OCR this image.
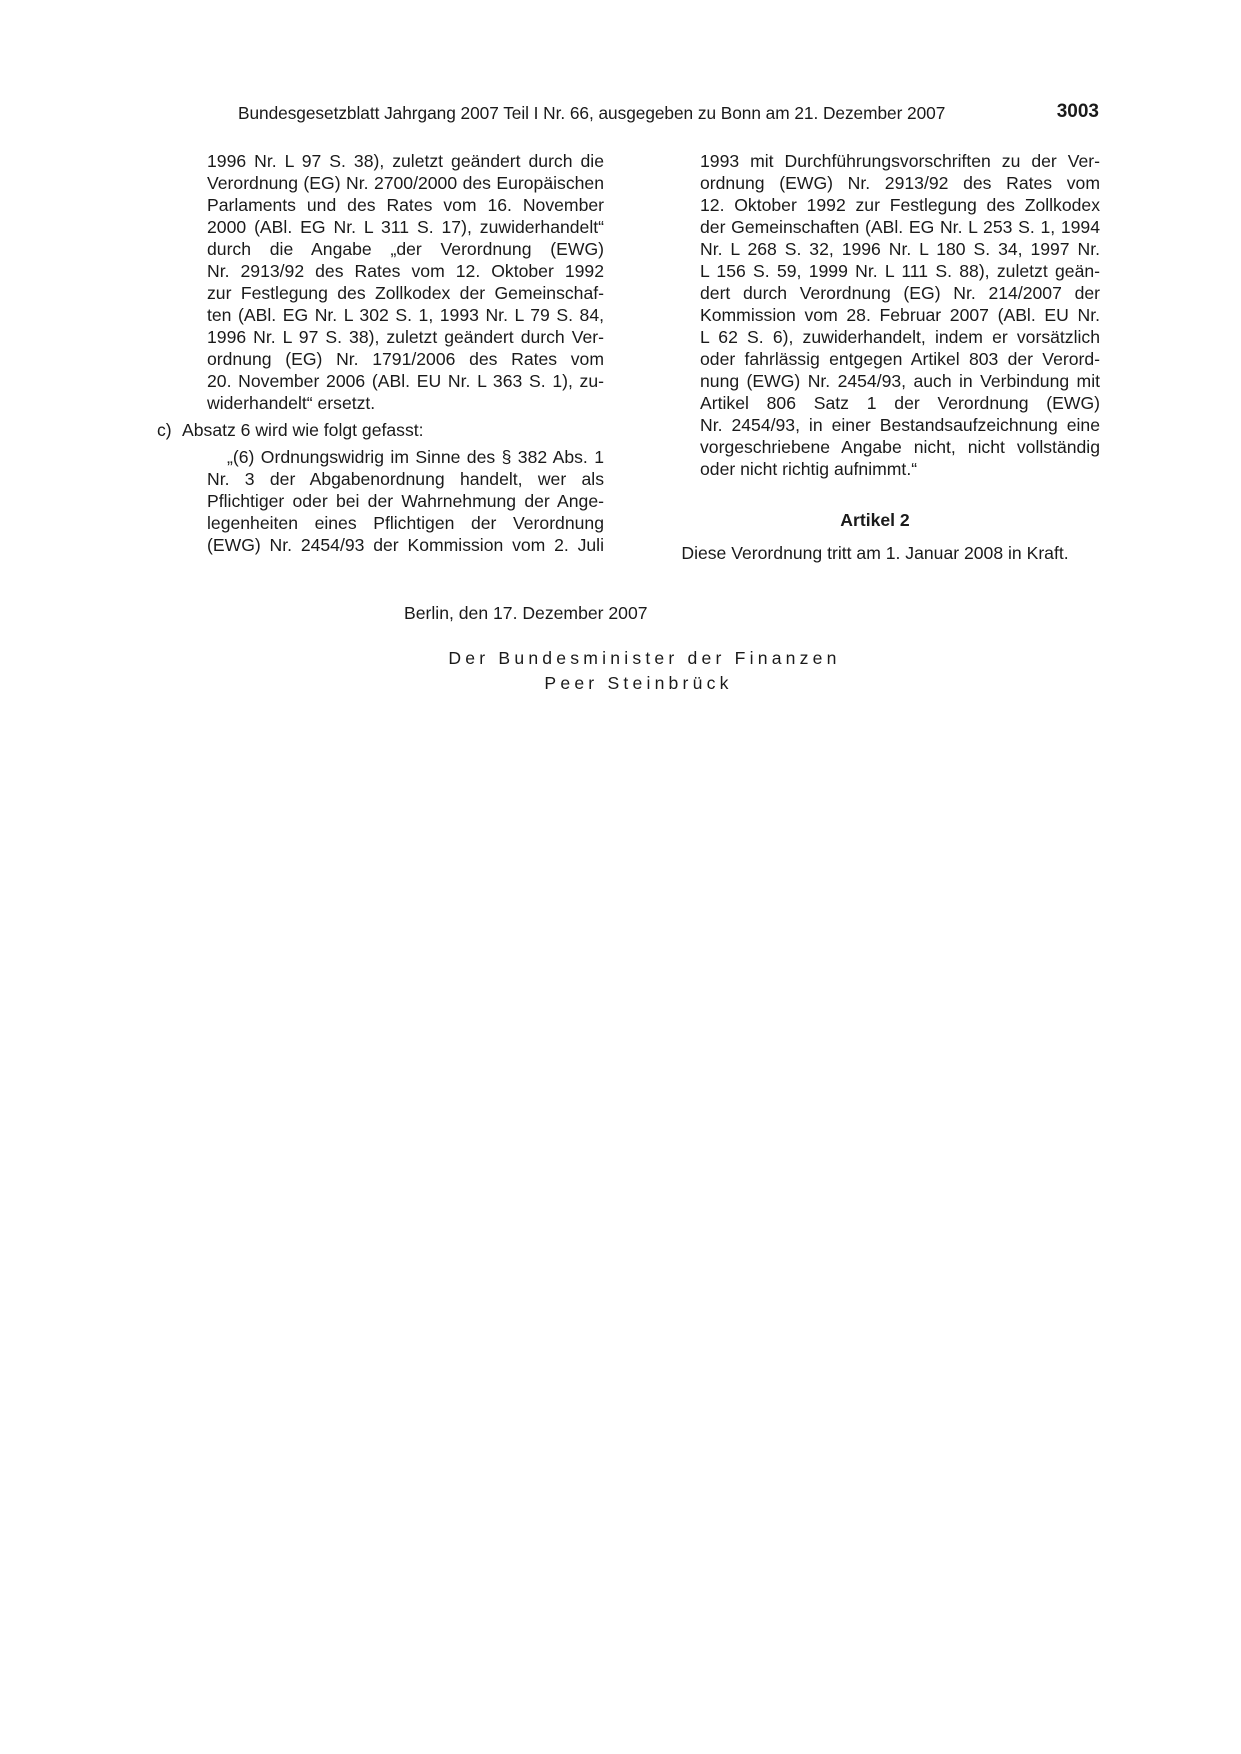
Bundesgesetzblatt Jahrgang 2007 Teil I Nr. 66, ausgegeben zu Bonn am 21. Dezember 2007	3003
1996 Nr. L 97 S. 38), zuletzt geändert durch die
Verordnung (EG) Nr. 2700/2000 des Europäischen
Parlaments und des Rates vom 16. November
2000 (ABl. EG Nr. L 311 S. 17), zuwiderhandelt“
durch die Angabe „der Verordnung (EWG)
Nr. 2913/92 des Rates vom 12. Oktober 1992
zur Festlegung des Zollkodex der Gemeinschaf-
ten (ABl. EG Nr. L 302 S. 1, 1993 Nr. L 79 S. 84,
1996 Nr. L 97 S. 38), zuletzt geändert durch Ver-
ordnung (EG) Nr. 1791/2006 des Rates vom
20. November 2006 (ABl. EU Nr. L 363 S. 1), zu-
widerhandelt“ ersetzt.
c) Absatz 6 wird wie folgt gefasst:
„(6) Ordnungswidrig im Sinne des § 382 Abs. 1
Nr. 3 der Abgabenordnung handelt, wer als
Pflichtiger oder bei der Wahrnehmung der Ange-
legenheiten eines Pflichtigen der Verordnung
(EWG) Nr. 2454/93 der Kommission vom 2. Juli
1993 mit Durchführungsvorschriften zu der Ver-
ordnung (EWG) Nr. 2913/92 des Rates vom
12. Oktober 1992 zur Festlegung des Zollkodex
der Gemeinschaften (ABl. EG Nr. L 253 S. 1, 1994
Nr. L 268 S. 32, 1996 Nr. L 180 S. 34, 1997 Nr.
L 156 S. 59, 1999 Nr. L 111 S. 88), zuletzt geän-
dert durch Verordnung (EG) Nr. 214/2007 der
Kommission vom 28. Februar 2007 (ABl. EU Nr.
L 62 S. 6), zuwiderhandelt, indem er vorsätzlich
oder fahrlässig entgegen Artikel 803 der Verord-
nung (EWG) Nr. 2454/93, auch in Verbindung mit
Artikel 806 Satz 1 der Verordnung (EWG)
Nr. 2454/93, in einer Bestandsaufzeichnung eine
vorgeschriebene Angabe nicht, nicht vollständig
oder nicht richtig aufnimmt.“
Artikel 2
Diese Verordnung tritt am 1. Januar 2008 in Kraft.
Berlin, den 17. Dezember 2007
Der Bundesminister der Finanzen
Peer Steinbrück
